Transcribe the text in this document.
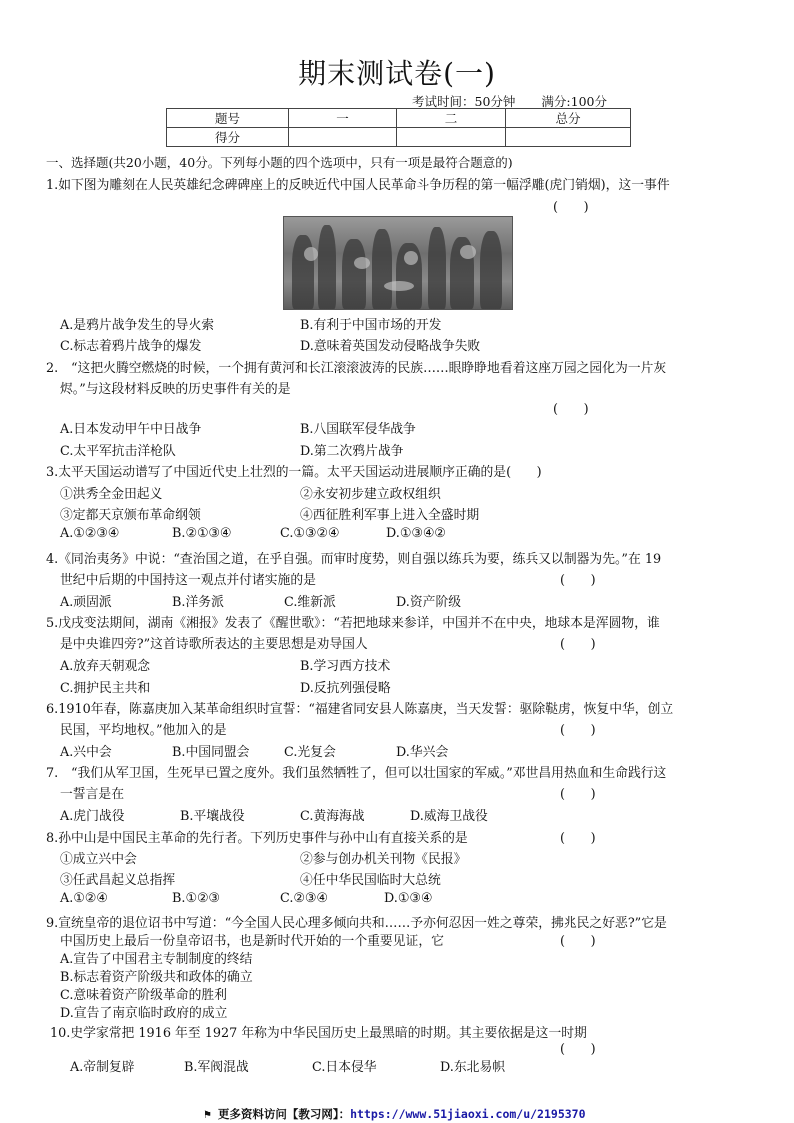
期末测试卷(一)
考试时间：50分钟 满分:100分
题号	一	二	总分
得分			
一、选择题(共20小题，40分。下列每小题的四个选项中，只有一项是最符合题意的)
1.如下图为雕刻在人民英雄纪念碑碑座上的反映近代中国人民革命斗争历程的第一幅浮雕(虎门销烟)，这一事件
(　　)
A.是鸦片战争发生的导火索	B.有利于中国市场的开发
C.标志着鸦片战争的爆发	D.意味着英国发动侵略战争失败
2.　“这把火腾空燃烧的时候，一个拥有黄河和长江滚滚波涛的民族……眼睁睁地看着这座万园之园化为一片灰
烬。”与这段材料反映的历史事件有关的是
(　　)
A.日本发动甲午中日战争	B.八国联军侵华战争
C.太平军抗击洋枪队	D.第二次鸦片战争
3.太平天国运动谱写了中国近代史上壮烈的一篇。太平天国运动进展顺序正确的是(　　)
①洪秀全金田起义	②永安初步建立政权组织
③定都天京颁布革命纲领	④西征胜利军事上进入全盛时期
A.①②③④	B.②①③④	C.①③②④	D.①③④②
4.《同治夷务》中说：“查治国之道，在乎自强。而审时度势，则自强以练兵为要，练兵又以制器为先。”在 19
世纪中后期的中国持这一观点并付诸实施的是	(　　)
A.顽固派	B.洋务派	C.维新派	D.资产阶级
5.戊戌变法期间，湖南《湘报》发表了《醒世歌》：“若把地球来参详，中国并不在中央，地球本是浑圆物，谁
是中央谁四旁?”这首诗歌所表达的主要思想是劝导国人	(　　)
A.放弃天朝观念	B.学习西方技术
C.拥护民主共和	D.反抗列强侵略
6.1910年春，陈嘉庚加入某革命组织时宣誓：“福建省同安县人陈嘉庚，当天发誓：驱除鞑虏，恢复中华，创立
民国，平均地权。”他加入的是	(　　)
A.兴中会	B.中国同盟会	C.光复会	D.华兴会
7.　“我们从军卫国，生死早已置之度外。我们虽然牺牲了，但可以壮国家的军威。”邓世昌用热血和生命践行这
一誓言是在	(　　)
A.虎门战役	B.平壤战役	C.黄海海战	D.威海卫战役
8.孙中山是中国民主革命的先行者。下列历史事件与孙中山有直接关系的是	(　　)
①成立兴中会	②参与创办机关刊物《民报》
③任武昌起义总指挥	④任中华民国临时大总统
A.①②④	B.①②③	C.②③④	D.①③④
9.宣统皇帝的退位诏书中写道：“今全国人民心理多倾向共和……予亦何忍因一姓之尊荣，拂兆民之好恶?”它是
中国历史上最后一份皇帝诏书，也是新时代开始的一个重要见证，它	(　　)
A.宣告了中国君主专制制度的终结
B.标志着资产阶级共和政体的确立
C.意味着资产阶级革命的胜利
D.宣告了南京临时政府的成立
10.史学家常把 1916 年至 1927 年称为中华民国历史上最黑暗的时期。其主要依据是这一时期
(　　)
A.帝制复辟	B.军阀混战	C.日本侵华	D.东北易帜
⚑ 更多资料访问【教习网】：https://www.51jiaoxi.com/u/2195370
